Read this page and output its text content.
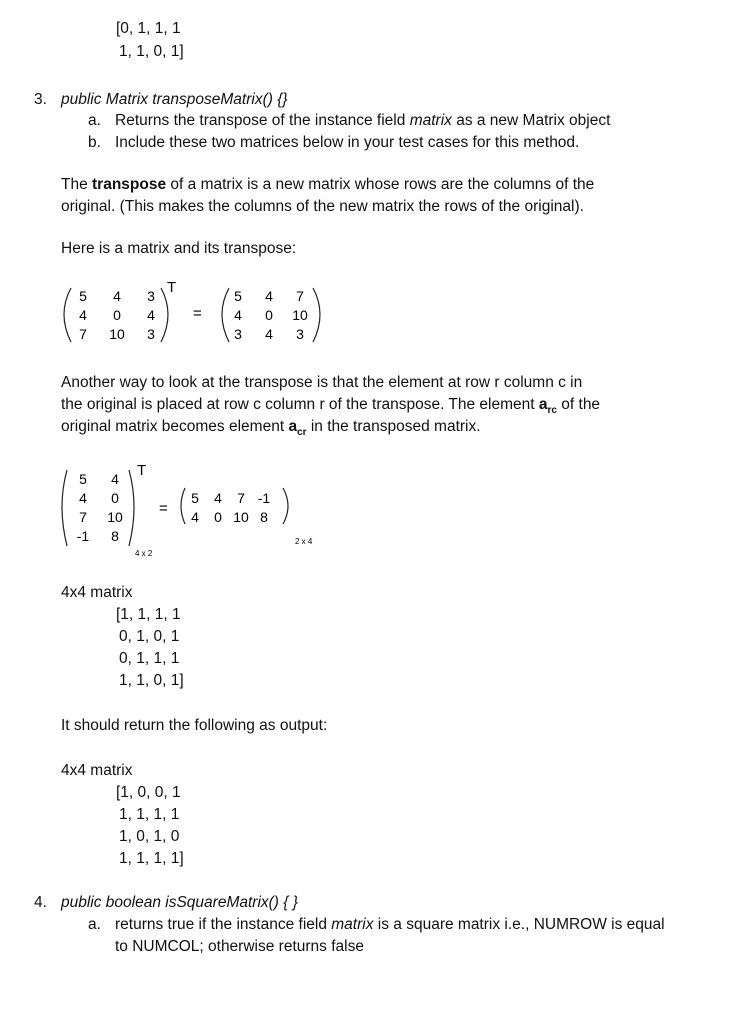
[0, 1, 1, 1
1, 1, 0, 1]
3. public Matrix transposeMatrix() {}
a. Returns the transpose of the instance field matrix as a new Matrix object
b. Include these two matrices below in your test cases for this method.
The transpose of a matrix is a new matrix whose rows are the columns of the
original. (This makes the columns of the new matrix the rows of the original).
Here is a matrix and its transpose:
5 4 3
4 0 4
7 10 3
T
=
5 4 7
4 0 10
3 4 3
Another way to look at the transpose is that the element at row r column c in
the original is placed at row c column r of the transpose. The element $a_{rc}$ of the
original matrix becomes element $a_{cr}$ in the transposed matrix.
5 4
4 0
7 10
-1 8
T
4 x 2
=
5 4 7 -1
4 0 10 8
2 x 4
4x4 matrix
[1, 1, 1, 1
0, 1, 0, 1
0, 1, 1, 1
1, 1, 0, 1]
It should return the following as output:
4x4 matrix
[1, 0, 0, 1
1, 1, 1, 1
1, 0, 1, 0
1, 1, 1, 1]
4. public boolean isSquareMatrix() { }
a. returns true if the instance field matrix is a square matrix i.e., NUMROW is equal
to NUMCOL; otherwise returns false
